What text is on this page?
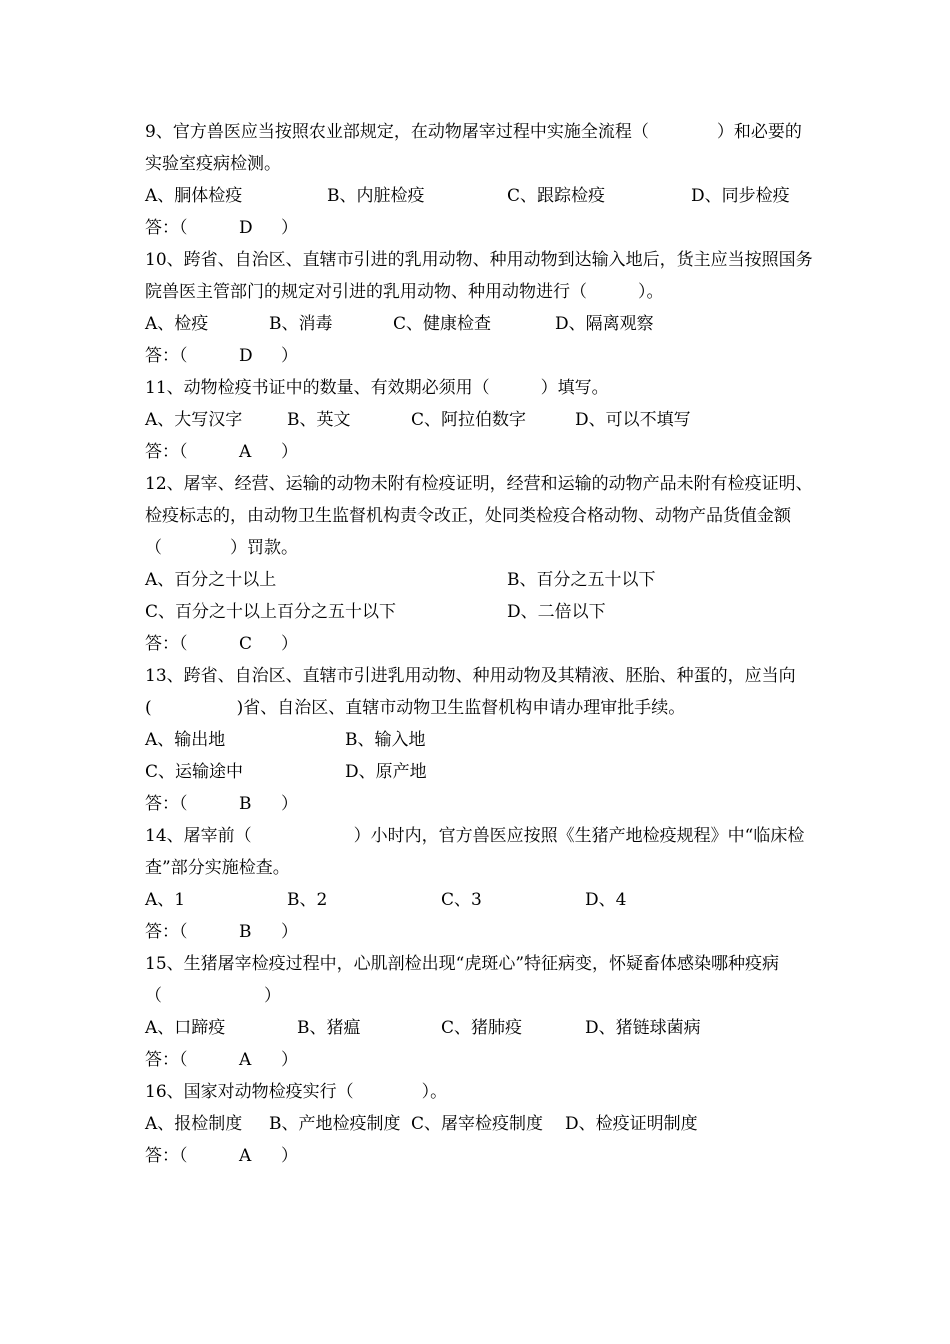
9、官方兽医应当按照农业部规定，在动物屠宰过程中实施全流程（　　　　）和必要的实验室疫病检测。

A、胴体检疫	B、内脏检疫	C、跟踪检疫	D、同步检疫
答：（	D ）

10、跨省、自治区、直辖市引进的乳用动物、种用动物到达输入地后，货主应当按照国务院兽医主管部门的规定对引进的乳用动物、种用动物进行（　　　）。

A、检疫	B、消毒	C、健康检查	D、隔离观察
答：（	D ）

11、动物检疫书证中的数量、有效期必须用（　　　）填写。

A、大写汉字	B、英文	C、阿拉伯数字	D、可以不填写
答：（	A ）

12、屠宰、经营、运输的动物未附有检疫证明，经营和运输的动物产品未附有检疫证明、检疫标志的，由动物卫生监督机构责令改正，处同类检疫合格动物、动物产品货值金额（　　　　）罚款。

A、百分之十以上	B、百分之五十以下
C、百分之十以上百分之五十以下	D、二倍以下
答：（	C ）

13、跨省、自治区、直辖市引进乳用动物、种用动物及其精液、胚胎、种蛋的，应当向(　　　　　)省、自治区、直辖市动物卫生监督机构申请办理审批手续。

A、输出地	B、输入地
C、运输途中	D、原产地
答：（	B ）

14、屠宰前（　　　　　　）小时内，官方兽医应按照《生猪产地检疫规程》中“临床检查”部分实施检查。

A、1	B、2	C、3	D、4
答：（	B ）

15、生猪屠宰检疫过程中，心肌剖检出现“虎斑心”特征病变，怀疑畜体感染哪种疫病（　　　　　　）

A、口蹄疫	B、猪瘟	C、猪肺疫	D、猪链球菌病
答：（	A ）

16、国家对动物检疫实行（　　　　）。

A、报检制度 B、产地检疫制度 C、屠宰检疫制度 D、检疫证明制度
答：（	A ）
